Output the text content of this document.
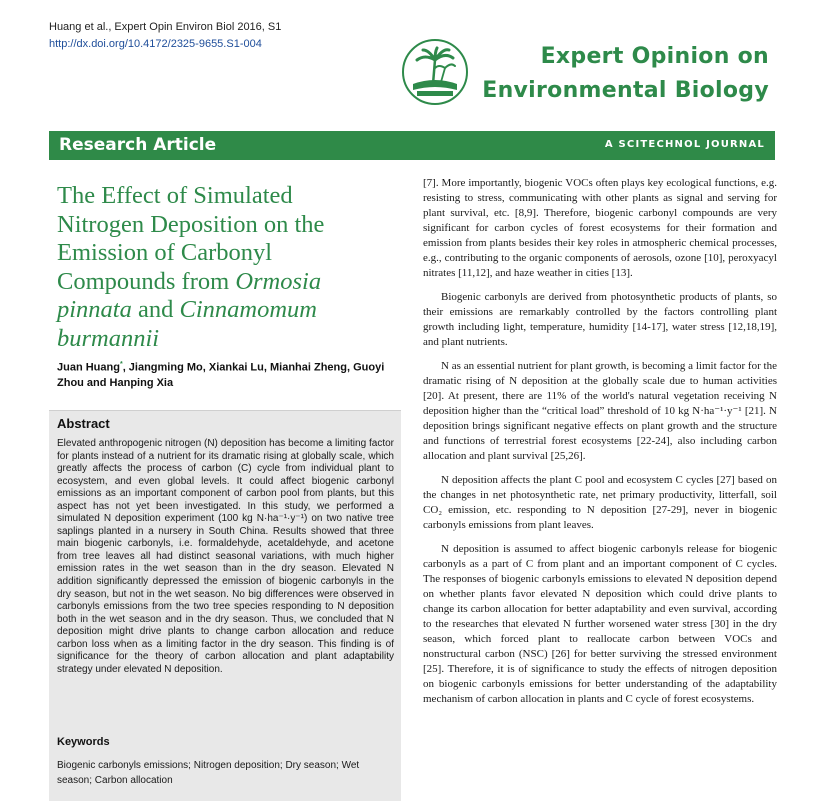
Huang et al., Expert Opin Environ Biol 2016, S1
http://dx.doi.org/10.4172/2325-9655.S1-004	Expert Opinion on
Environmental Biology
Research Article	A SCITECHNOL JOURNAL
The Effect of Simulated Nitrogen Deposition on the Emission of Carbonyl Compounds from Ormosia pinnata and Cinnamomum burmannii
Juan Huang*, Jiangming Mo, Xiankai Lu, Mianhai Zheng, Guoyi Zhou and Hanping Xia
Abstract
Elevated anthropogenic nitrogen (N) deposition has become a limiting factor for plants instead of a nutrient for its dramatic rising at globally scale, which greatly affects the process of carbon (C) cycle from individual plant to ecosystem, and even global levels. It could affect biogenic carbonyl emissions as an important component of carbon pool from plants, but this aspect has not yet been investigated. In this study, we performed a simulated N deposition experiment (100 kg N·ha⁻¹·y⁻¹) on two native tree saplings planted in a nursery in South China. Results showed that three main biogenic carbonyls, i.e. formaldehyde, acetaldehyde, and acetone from tree leaves all had distinct seasonal variations, with much higher emission rates in the wet season than in the dry season. Elevated N addition significantly depressed the emission of biogenic carbonyls in the dry season, but not in the wet season. No big differences were observed in carbonyls emissions from the two tree species responding to N deposition both in the wet season and in the dry season. Thus, we concluded that N deposition might drive plants to change carbon allocation and reduce carbon loss when as a limiting factor in the dry season. This finding is of significance for the theory of carbon allocation and plant adaptability strategy under elevated N deposition.
Keywords
Biogenic carbonyls emissions; Nitrogen deposition; Dry season; Wet season; Carbon allocation

[7]. More importantly, biogenic VOCs often plays key ecological functions, e.g. resisting to stress, communicating with other plants as signal and serving for plant survival, etc. [8,9]. Therefore, biogenic carbonyl compounds are very significant for carbon cycles of forest ecosystems for their formation and emission from plants besides their key roles in atmospheric chemical processes, e.g., contributing to the organic components of aerosols, ozone [10], peroxyacyl nitrates [11,12], and haze weather in cities [13].

Biogenic carbonyls are derived from photosynthetic products of plants, so their emissions are remarkably controlled by the factors controlling plant growth including light, temperature, humidity [14-17], water stress [12,18,19], and plant nutrients.

N as an essential nutrient for plant growth, is becoming a limit factor for the dramatic rising of N deposition at the globally scale due to human activities [20]. At present, there are 11% of the world's natural vegetation receiving N deposition higher than the “critical load” threshold of 10 kg N·ha⁻¹·y⁻¹ [21]. N deposition brings significant negative effects on plant growth and the structure and functions of terrestrial forest ecosystems [22-24], also including carbon allocation and plant survival [25,26].

N deposition affects the plant C pool and ecosystem C cycles [27] based on the changes in net photosynthetic rate, net primary productivity, litterfall, soil CO₂ emission, etc. responding to N deposition [27-29], never in biogenic carbonyls emissions from plant leaves.

N deposition is assumed to affect biogenic carbonyls release for biogenic carbonyls as a part of C from plant and an important component of C cycles. The responses of biogenic carbonyls emissions to elevated N deposition depend on whether plants favor elevated N deposition which could drive plants to change its carbon allocation for better adaptability and even survival, according to the researches that elevated N further worsened water stress [30] in the dry season, which forced plant to reallocate carbon between VOCs and nonstructural carbon (NSC) [26] for better surviving the stressed environment [25]. Therefore, it is of significance to study the effects of nitrogen deposition on biogenic carbonyls emissions for better understanding of the adaptability mechanism of carbon allocation in plants and C cycle of forest ecosystems.
